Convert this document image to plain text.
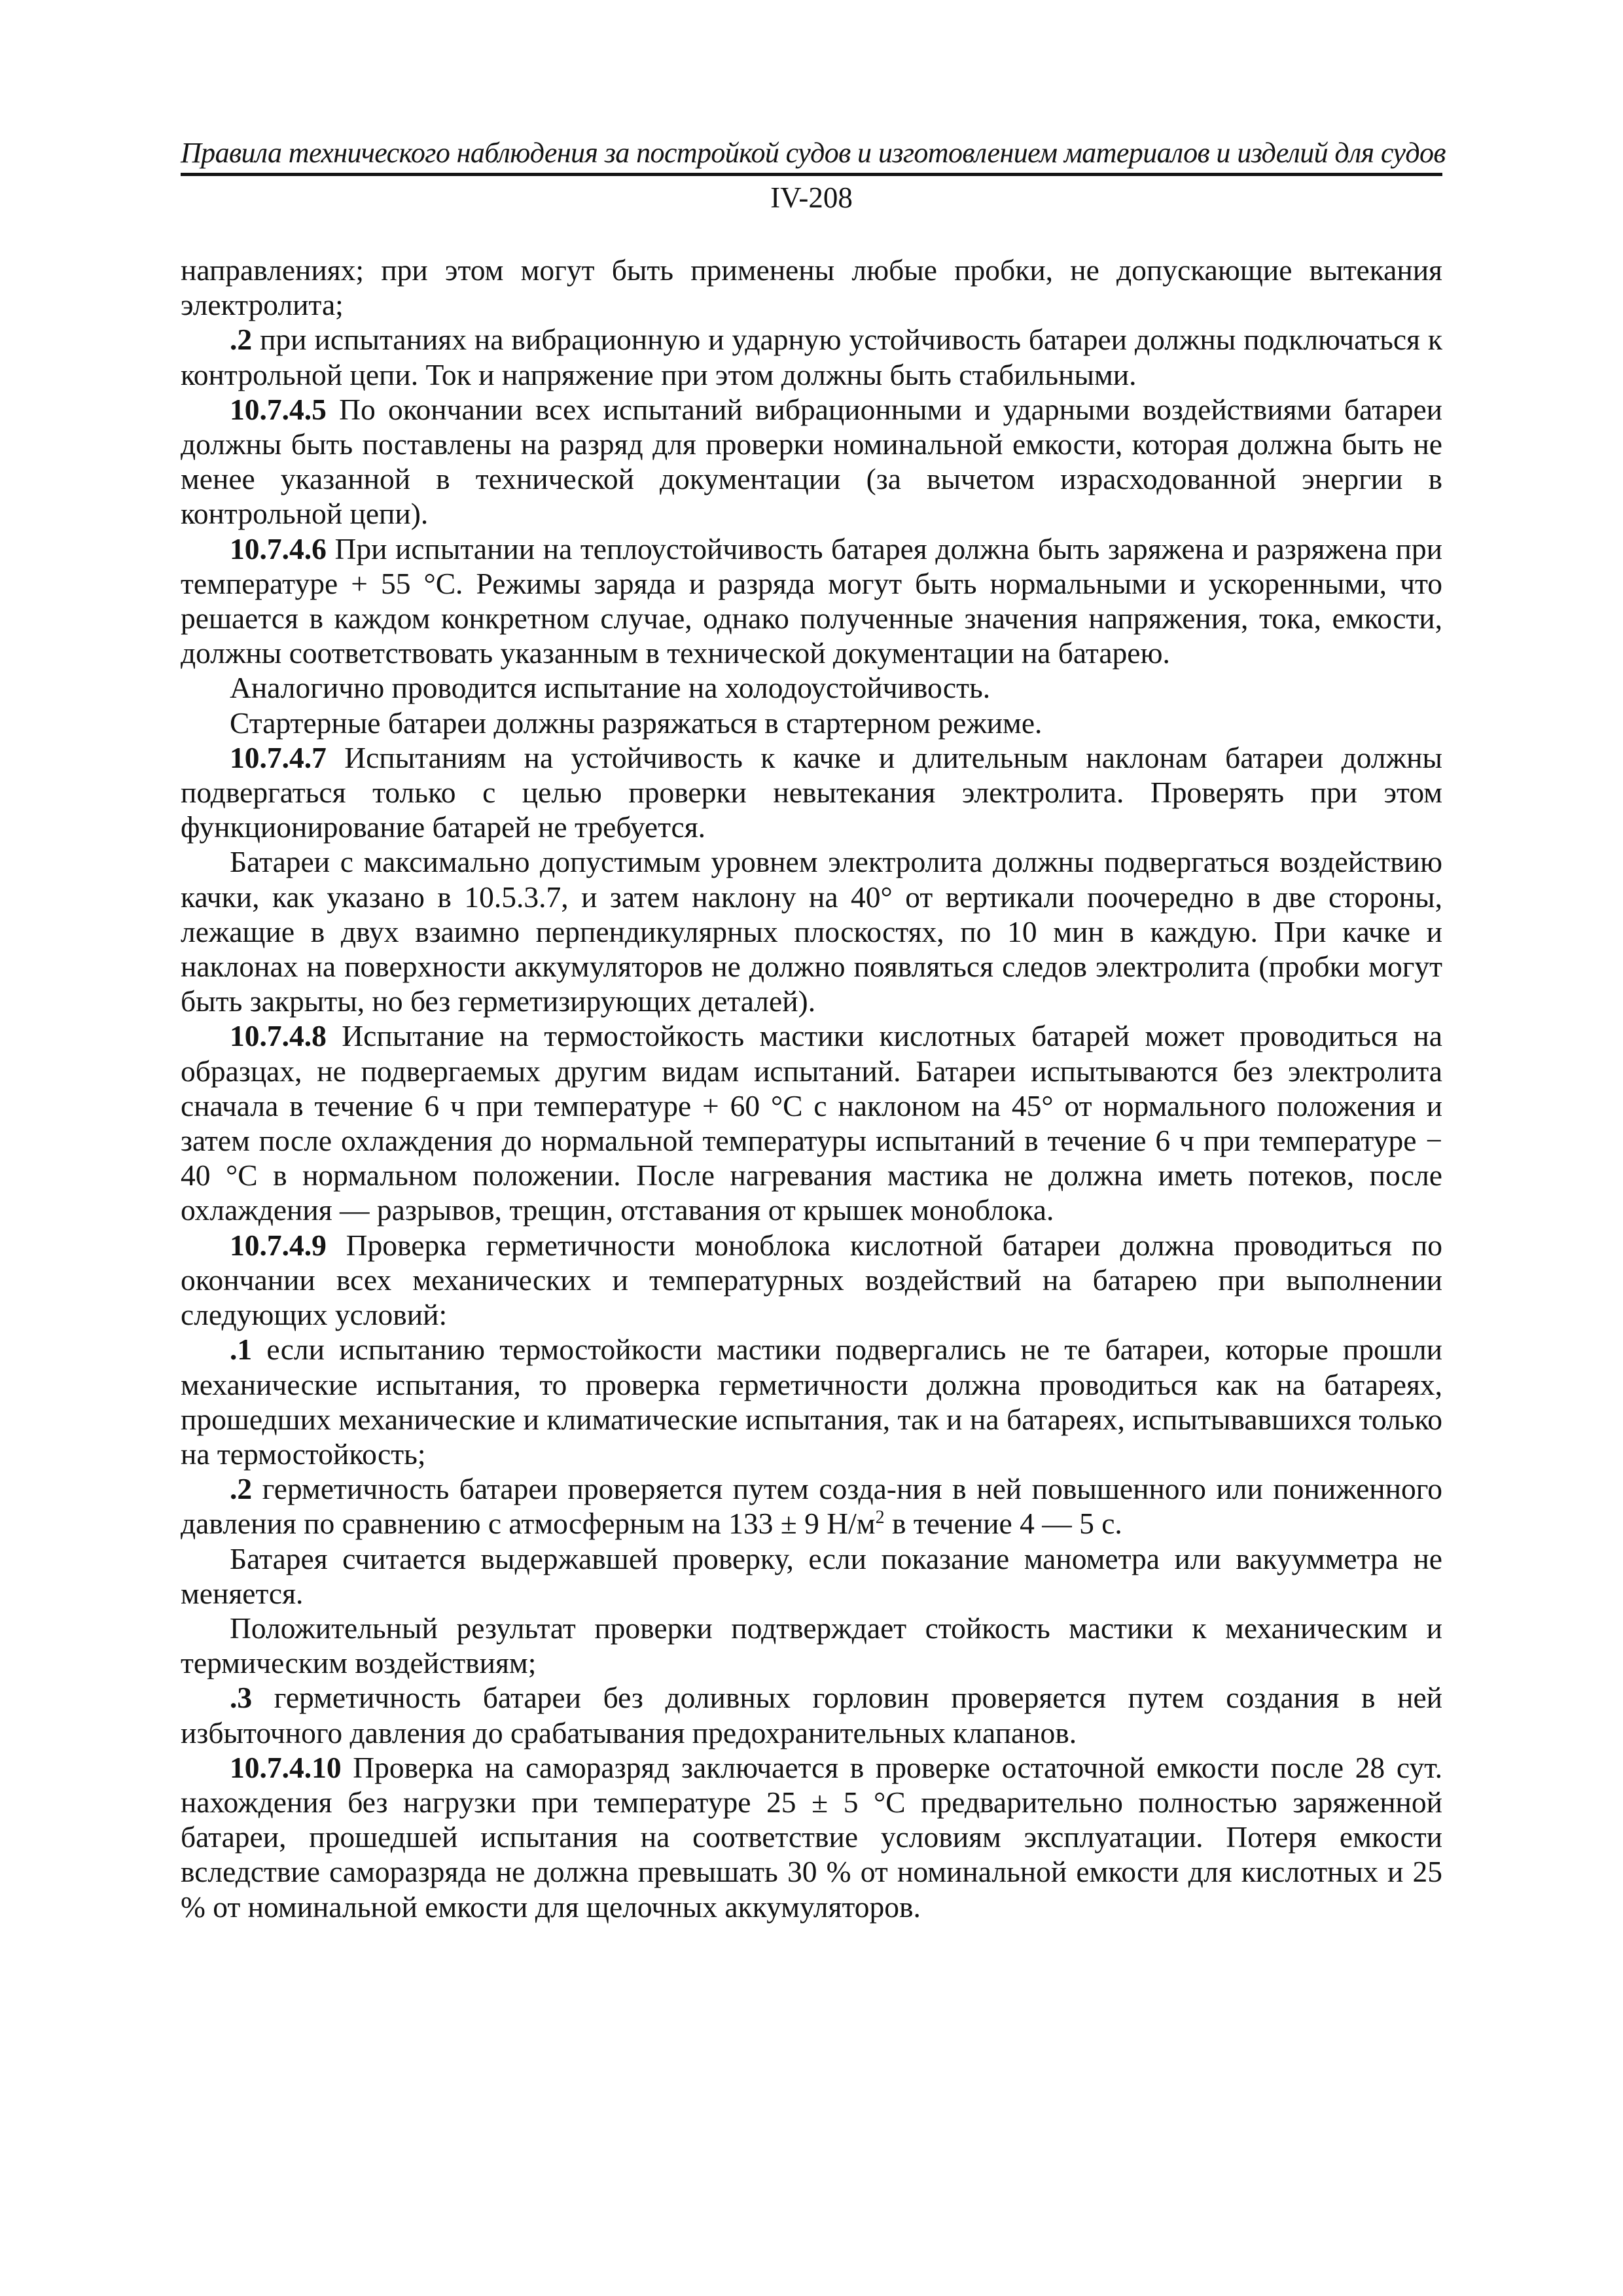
Правила технического наблюдения за постройкой судов и изготовлением материалов и изделий для судов
IV-208

направлениях; при этом могут быть применены любые пробки, не допускающие вытекания электролита;

.2 при испытаниях на вибрационную и ударную устойчивость батареи должны подключаться к контрольной цепи. Ток и напряжение при этом должны быть стабильными.

10.7.4.5 По окончании всех испытаний вибрационными и ударными воздействиями батареи должны быть поставлены на разряд для проверки номинальной емкости, которая должна быть не менее указанной в технической документации (за вычетом израсходованной энергии в контрольной цепи).

10.7.4.6 При испытании на теплоустойчивость батарея должна быть заряжена и разряжена при температуре + 55 °С. Режимы заряда и разряда могут быть нормальными и ускоренными, что решается в каждом конкретном случае, однако полученные значения напряжения, тока, емкости, должны соответствовать указанным в технической документации на батарею.

Аналогично проводится испытание на холодоустойчивость.

Стартерные батареи должны разряжаться в стартерном режиме.

10.7.4.7 Испытаниям на устойчивость к качке и длительным наклонам батареи должны подвергаться только с целью проверки невытекания электролита. Проверять при этом функционирование батарей не требуется.

Батареи с максимально допустимым уровнем электролита должны подвергаться воздействию качки, как указано в 10.5.3.7, и затем наклону на 40° от вертикали поочередно в две стороны, лежащие в двух взаимно перпендикулярных плоскостях, по 10 мин в каждую. При качке и наклонах на поверхности аккумуляторов не должно появляться следов электролита (пробки могут быть закрыты, но без герметизирующих деталей).

10.7.4.8 Испытание на термостойкость мастики кислотных батарей может проводиться на образцах, не подвергаемых другим видам испытаний. Батареи испытываются без электролита сначала в течение 6 ч при температуре + 60 °С с наклоном на 45° от нормального положения и затем после охлаждения до нормальной температуры испытаний в течение 6 ч при температуре − 40 °С в нормальном положении. После нагревания мастика не должна иметь потеков, после охлаждения — разрывов, трещин, отставания от крышек моноблока.

10.7.4.9 Проверка герметичности моноблока кислотной батареи должна проводиться по окончании всех механических и температурных воздействий на батарею при выполнении следующих условий:

.1 если испытанию термостойкости мастики подвергались не те батареи, которые прошли механические испытания, то проверка герметичности должна проводиться как на батареях, прошедших механические и климатические испытания, так и на батареях, испытывавшихся только на термостойкость;

.2 герметичность батареи проверяется путем созда-ния в ней повышенного или пониженного давления по сравнению с атмосферным на 133 ± 9 $Н/м^2$ в течение 4 — 5 с.

Батарея считается выдержавшей проверку, если показание манометра или вакуумметра не меняется.

Положительный результат проверки подтверждает стойкость мастики к механическим и термическим воздействиям;

.3 герметичность батареи без доливных горловин проверяется путем создания в ней избыточного давления до срабатывания предохранительных клапанов.

10.7.4.10 Проверка на саморазряд заключается в проверке остаточной емкости после 28 сут. нахождения без нагрузки при температуре 25 ± 5 °С предварительно полностью заряженной батареи, прошедшей испытания на соответствие условиям эксплуатации. Потеря емкости вследствие саморазряда не должна превышать 30 % от номинальной емкости для кислотных и 25 % от номинальной емкости для щелочных аккумуляторов.
